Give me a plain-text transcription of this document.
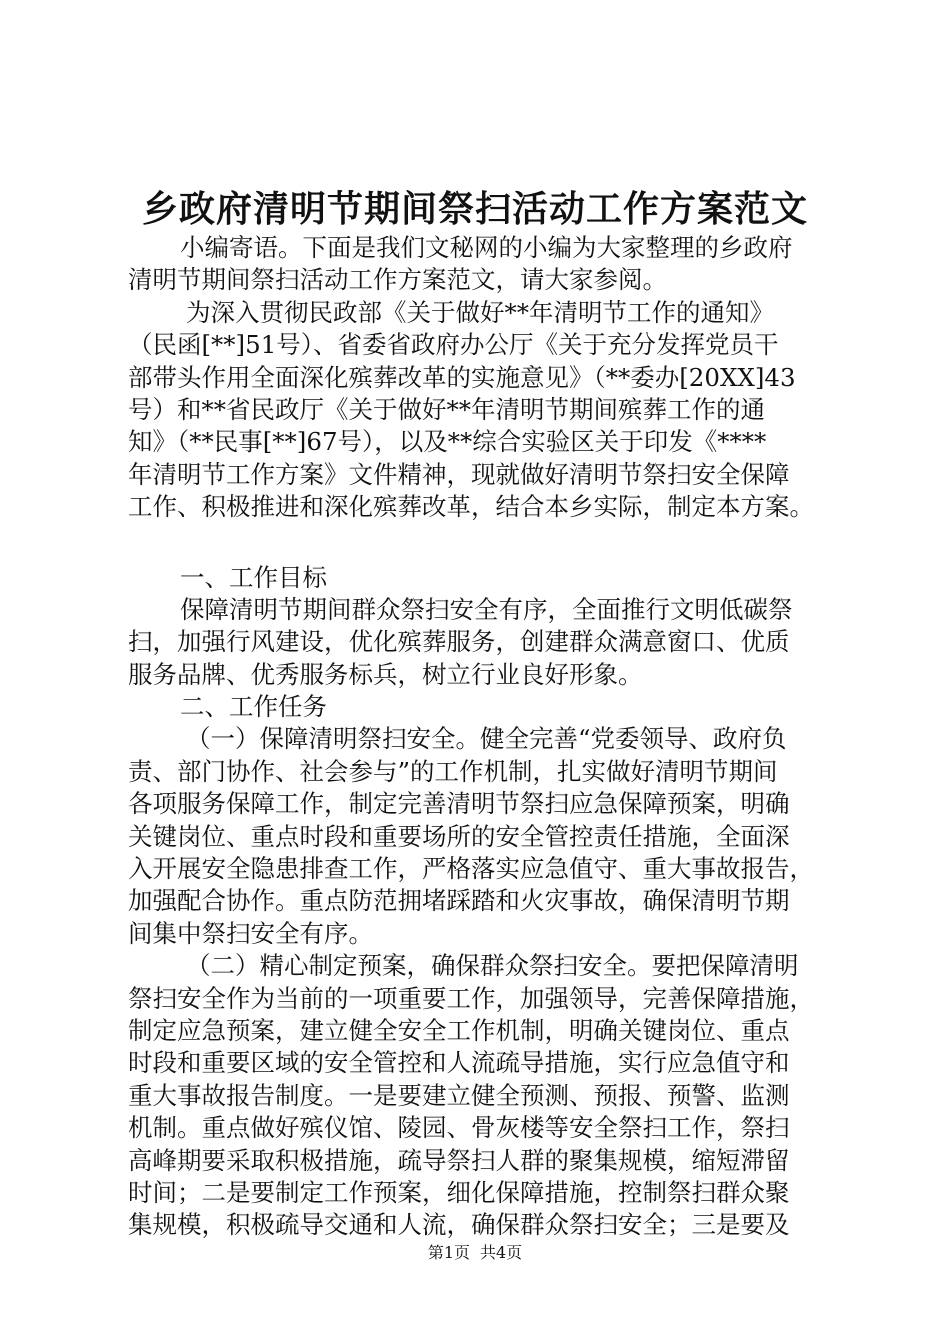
乡政府清明节期间祭扫活动工作方案范文
小编寄语。下面是我们文秘网的小编为大家整理的乡政府
清明节期间祭扫活动工作方案范文，请大家参阅。
为深入贯彻民政部《关于做好**年清明节工作的通知》
（民函[**]51号）、省委省政府办公厅《关于充分发挥党员干
部带头作用全面深化殡葬改革的实施意见》（**委办[20XX]43
号）和**省民政厅《关于做好**年清明节期间殡葬工作的通
知》（**民事[**]67号），以及**综合实验区关于印发《****
年清明节工作方案》文件精神，现就做好清明节祭扫安全保障
工作、积极推进和深化殡葬改革，结合本乡实际，制定本方案。
一、工作目标
保障清明节期间群众祭扫安全有序，全面推行文明低碳祭
扫，加强行风建设，优化殡葬服务，创建群众满意窗口、优质
服务品牌、优秀服务标兵，树立行业良好形象。
二、工作任务
（一）保障清明祭扫安全。健全完善“党委领导、政府负
责、部门协作、社会参与”的工作机制，扎实做好清明节期间
各项服务保障工作，制定完善清明节祭扫应急保障预案，明确
关键岗位、重点时段和重要场所的安全管控责任措施，全面深
入开展安全隐患排查工作，严格落实应急值守、重大事故报告，
加强配合协作。重点防范拥堵踩踏和火灾事故，确保清明节期
间集中祭扫安全有序。
（二）精心制定预案，确保群众祭扫安全。要把保障清明
祭扫安全作为当前的一项重要工作，加强领导，完善保障措施，
制定应急预案，建立健全安全工作机制，明确关键岗位、重点
时段和重要区域的安全管控和人流疏导措施，实行应急值守和
重大事故报告制度。一是要建立健全预测、预报、预警、监测
机制。重点做好殡仪馆、陵园、骨灰楼等安全祭扫工作，祭扫
高峰期要采取积极措施，疏导祭扫人群的聚集规模，缩短滞留
时间；二是要制定工作预案，细化保障措施，控制祭扫群众聚
集规模，积极疏导交通和人流，确保群众祭扫安全；三是要及
第1页 共4页
